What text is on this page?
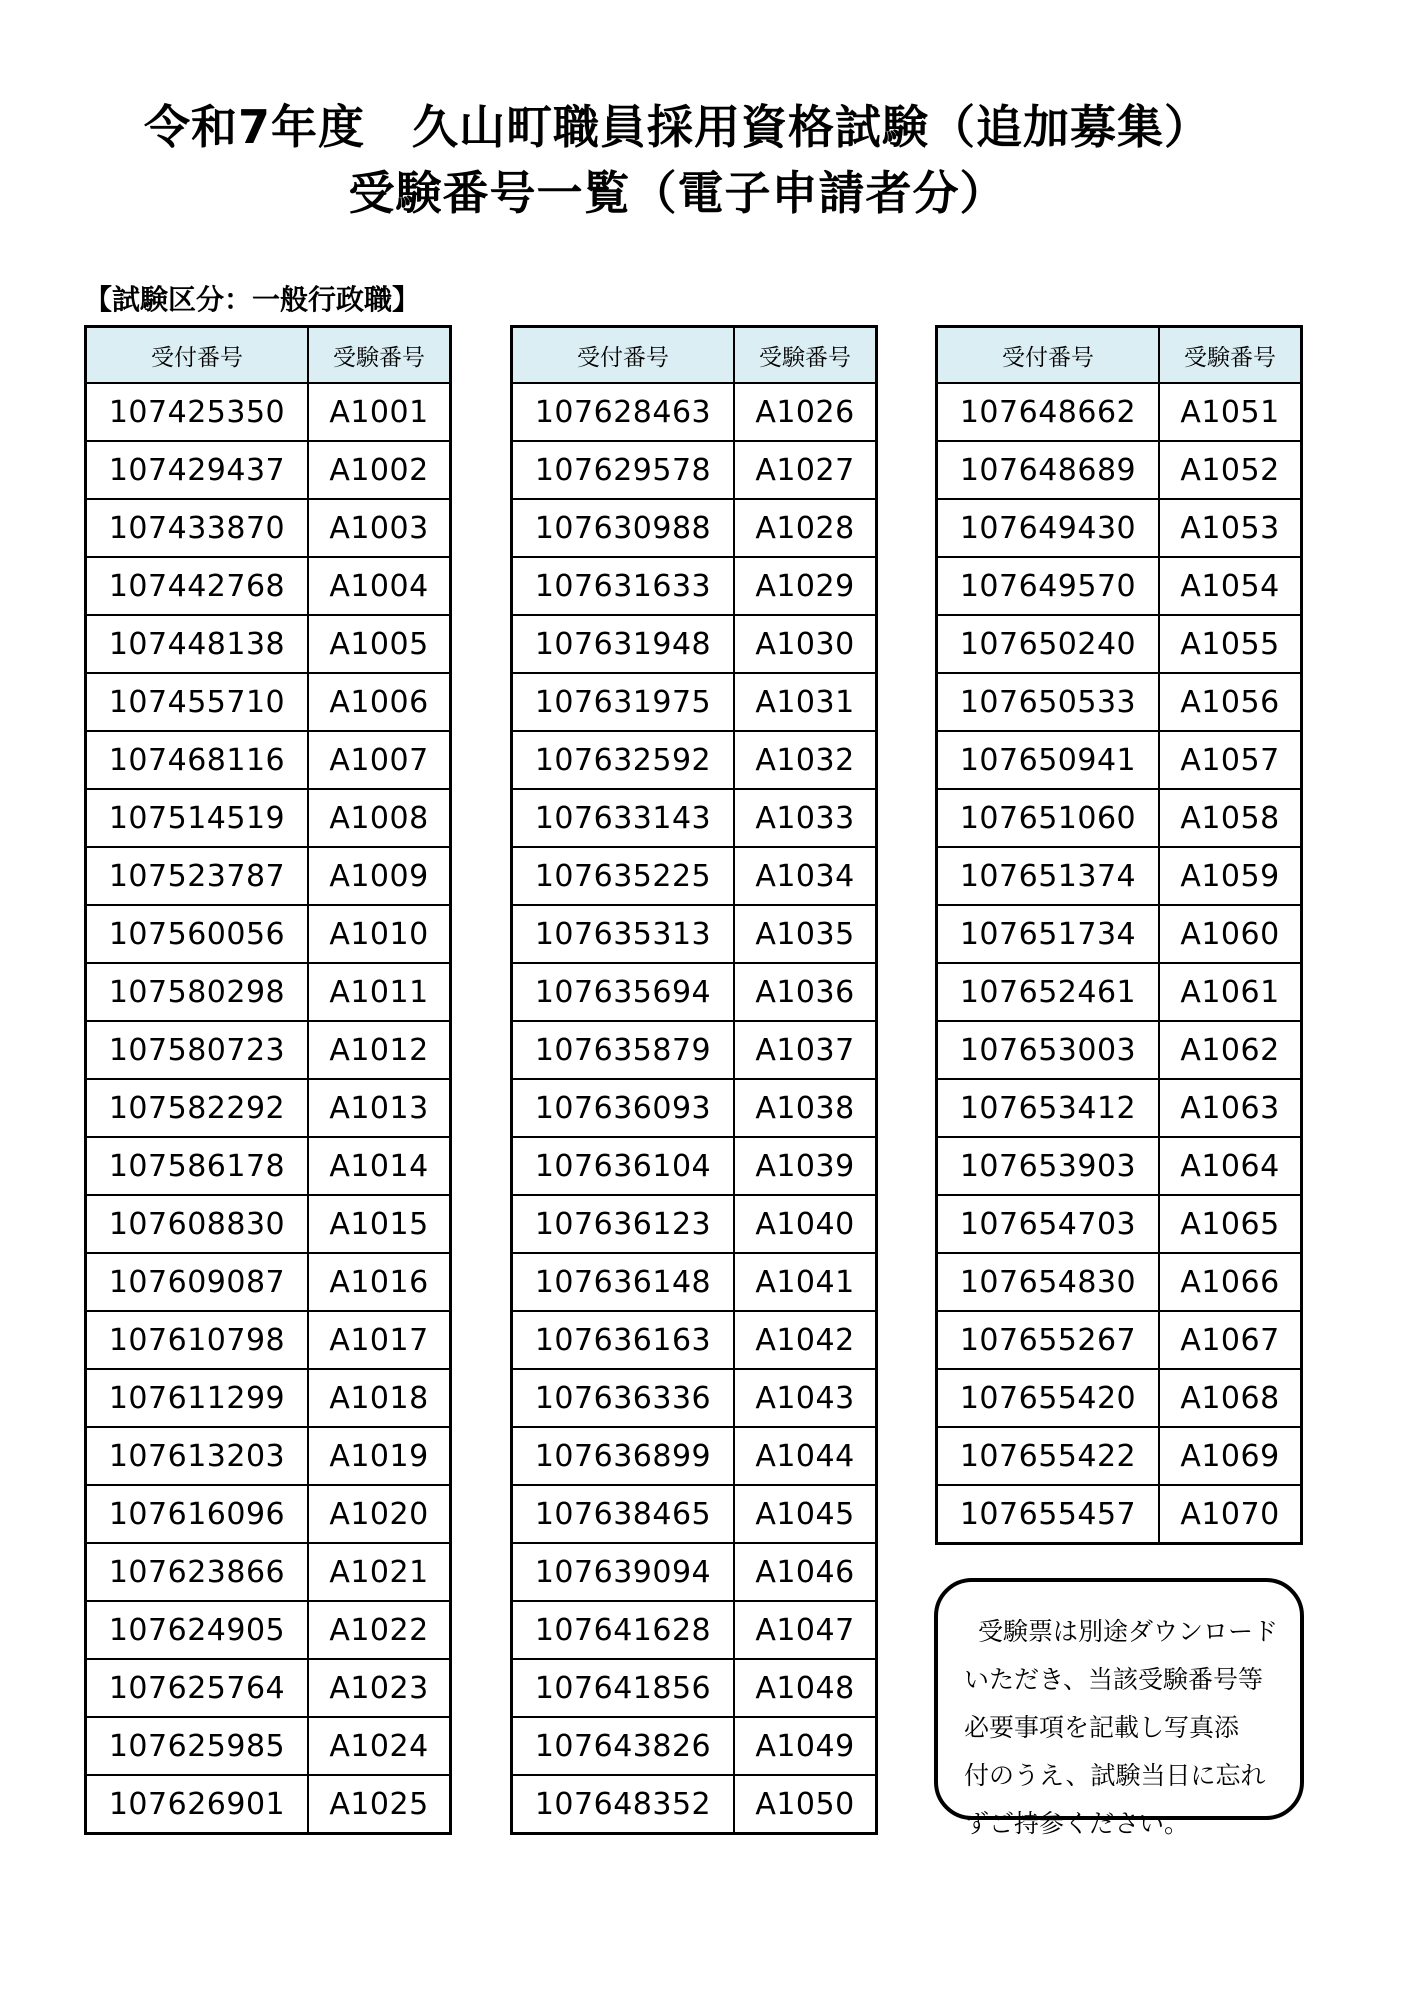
令和7年度　久山町職員採用資格試験（追加募集）
受験番号一覧（電子申請者分）
【試験区分：一般行政職】
受付番号	受験番号
107425350	A1001
107429437	A1002
107433870	A1003
107442768	A1004
107448138	A1005
107455710	A1006
107468116	A1007
107514519	A1008
107523787	A1009
107560056	A1010
107580298	A1011
107580723	A1012
107582292	A1013
107586178	A1014
107608830	A1015
107609087	A1016
107610798	A1017
107611299	A1018
107613203	A1019
107616096	A1020
107623866	A1021
107624905	A1022
107625764	A1023
107625985	A1024
107626901	A1025
受付番号	受験番号
107628463	A1026
107629578	A1027
107630988	A1028
107631633	A1029
107631948	A1030
107631975	A1031
107632592	A1032
107633143	A1033
107635225	A1034
107635313	A1035
107635694	A1036
107635879	A1037
107636093	A1038
107636104	A1039
107636123	A1040
107636148	A1041
107636163	A1042
107636336	A1043
107636899	A1044
107638465	A1045
107639094	A1046
107641628	A1047
107641856	A1048
107643826	A1049
107648352	A1050
受付番号	受験番号
107648662	A1051
107648689	A1052
107649430	A1053
107649570	A1054
107650240	A1055
107650533	A1056
107650941	A1057
107651060	A1058
107651374	A1059
107651734	A1060
107652461	A1061
107653003	A1062
107653412	A1063
107653903	A1064
107654703	A1065
107654830	A1066
107655267	A1067
107655420	A1068
107655422	A1069
107655457	A1070
受験票は別途ダウンロード
いただき、当該受験番号等
必要事項を記載し写真添
付のうえ、試験当日に忘れ
ずご持参ください。
